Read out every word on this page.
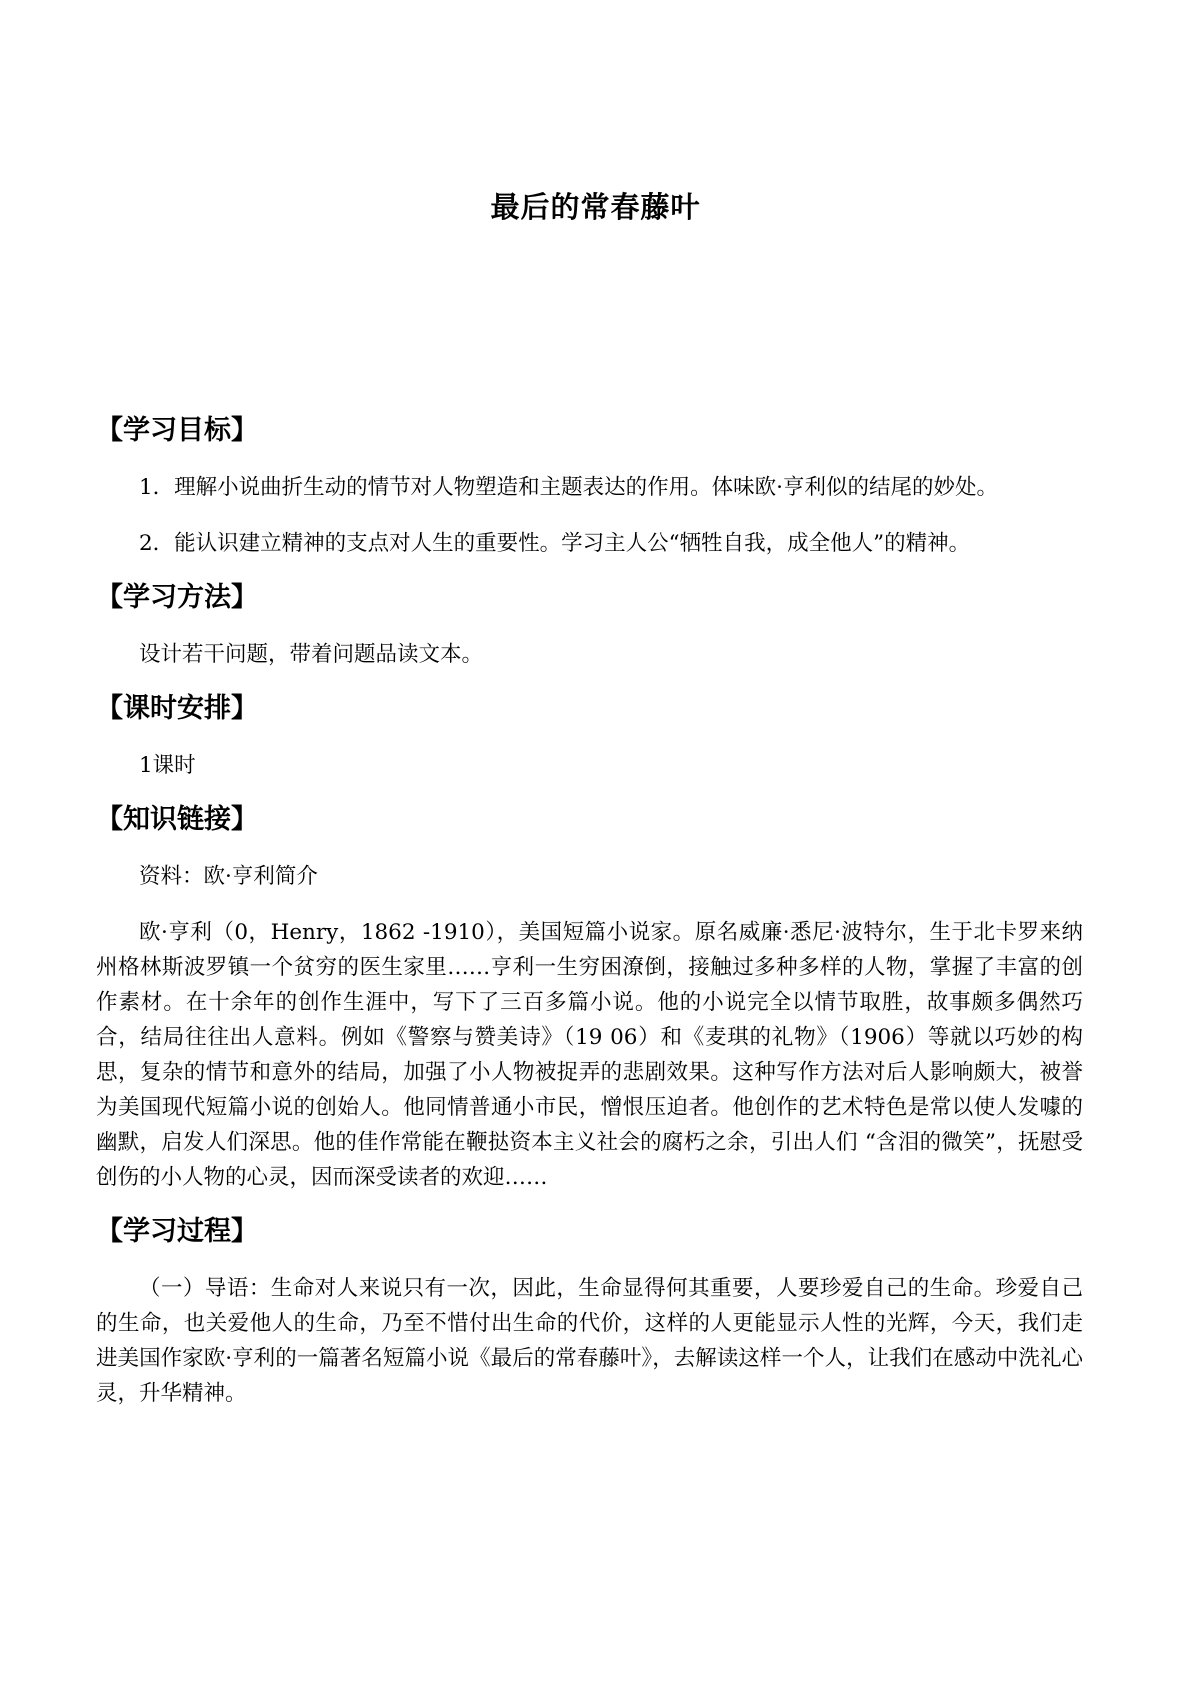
最后的常春藤叶
【学习目标】

1．理解小说曲折生动的情节对人物塑造和主题表达的作用。体味欧·亨利似的结尾的妙处。

2．能认识建立精神的支点对人生的重要性。学习主人公“牺牲自我，成全他人”的精神。

【学习方法】

设计若干问题，带着问题品读文本。

【课时安排】

1课时

【知识链接】

资料：欧·亨利简介

欧·亨利（0，Henry，1862 -1910），美国短篇小说家。原名威廉·悉尼·波特尔，生于北卡罗来纳州格林斯波罗镇一个贫穷的医生家里……亨利一生穷困潦倒，接触过多种多样的人物，掌握了丰富的创作素材。在十余年的创作生涯中，写下了三百多篇小说。他的小说完全以情节取胜，故事颇多偶然巧合，结局往往出人意料。例如《警察与赞美诗》（19 06）和《麦琪的礼物》（1906）等就以巧妙的构思，复杂的情节和意外的结局，加强了小人物被捉弄的悲剧效果。这种写作方法对后人影响颇大，被誉为美国现代短篇小说的创始人。他同情普通小市民，憎恨压迫者。他创作的艺术特色是常以使人发噱的幽默，启发人们深思。他的佳作常能在鞭挞资本主义社会的腐朽之余，引出人们 “含泪的微笑”，抚慰受创伤的小人物的心灵，因而深受读者的欢迎……

【学习过程】

（一）导语：生命对人来说只有一次，因此，生命显得何其重要，人要珍爱自己的生命。珍爱自己的生命，也关爱他人的生命，乃至不惜付出生命的代价，这样的人更能显示人性的光辉，今天，我们走进美国作家欧·亨利的一篇著名短篇小说《最后的常春藤叶》，去解读这样一个人，让我们在感动中洗礼心灵，升华精神。
